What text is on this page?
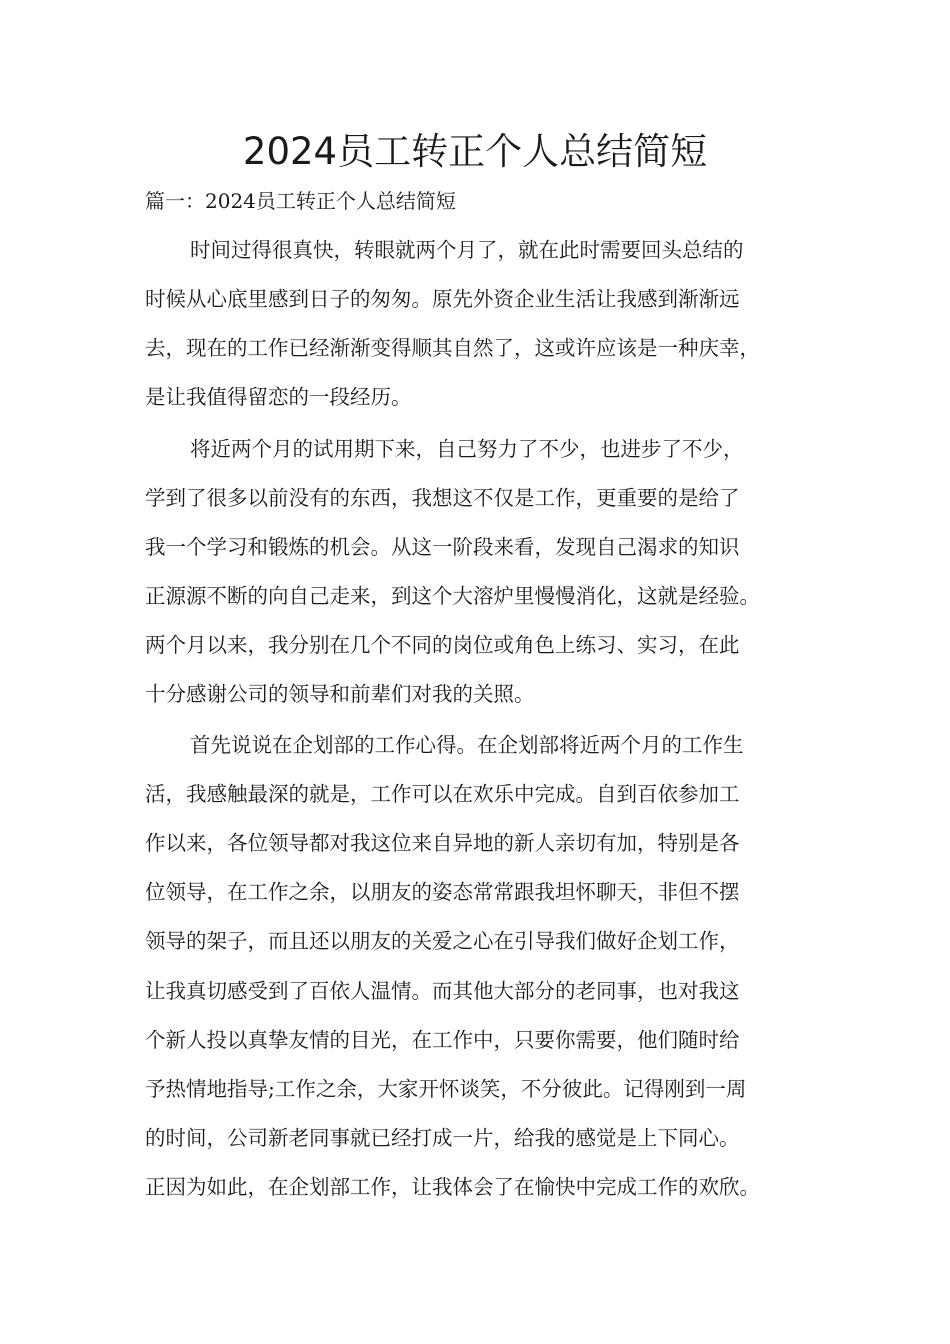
2024员工转正个人总结简短

篇一：2024员工转正个人总结简短

时间过得很真快，转眼就两个月了，就在此时需要回头总结的

时候从心底里感到日子的匆匆。原先外资企业生活让我感到渐渐远

去，现在的工作已经渐渐变得顺其自然了，这或许应该是一种庆幸，

是让我值得留恋的一段经历。

将近两个月的试用期下来，自己努力了不少，也进步了不少，

学到了很多以前没有的东西，我想这不仅是工作，更重要的是给了

我一个学习和锻炼的机会。从这一阶段来看，发现自己渴求的知识

正源源不断的向自己走来，到这个大溶炉里慢慢消化，这就是经验。

两个月以来，我分别在几个不同的岗位或角色上练习、实习，在此

十分感谢公司的领导和前辈们对我的关照。

首先说说在企划部的工作心得。在企划部将近两个月的工作生

活，我感触最深的就是，工作可以在欢乐中完成。自到百依参加工

作以来，各位领导都对我这位来自异地的新人亲切有加，特别是各

位领导，在工作之余，以朋友的姿态常常跟我坦怀聊天，非但不摆

领导的架子，而且还以朋友的关爱之心在引导我们做好企划工作，

让我真切感受到了百依人温情。而其他大部分的老同事，也对我这

个新人投以真挚友情的目光，在工作中，只要你需要，他们随时给

予热情地指导;工作之余，大家开怀谈笑，不分彼此。记得刚到一周

的时间，公司新老同事就已经打成一片，给我的感觉是上下同心。

正因为如此，在企划部工作，让我体会了在愉快中完成工作的欢欣。
